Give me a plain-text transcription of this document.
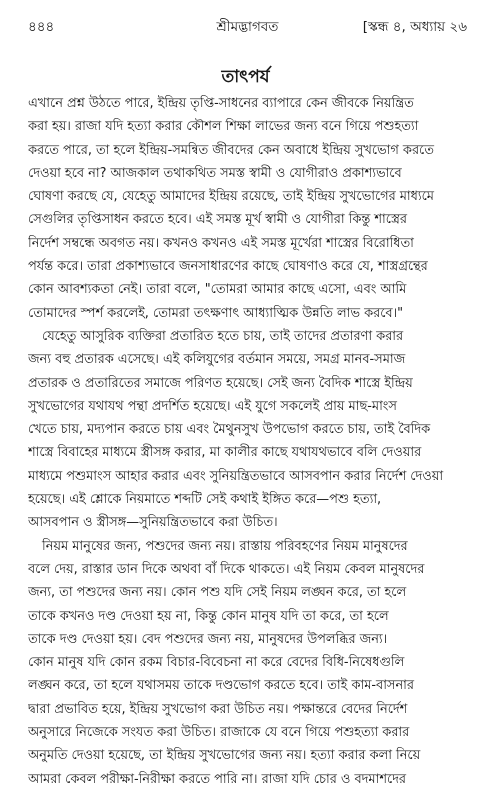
৪৪৪	শ্রীমদ্ভাগবত	[স্কন্ধ ৪, অধ্যায় ২৬
তাৎপর্য
এখানে প্রশ্ন উঠতে পারে, ইন্দ্রিয় তৃপ্তি-সাধনের ব্যাপারে কেন জীবকে নিয়ন্ত্রিত
করা হয়। রাজা যদি হত্যা করার কৌশল শিক্ষা লাভের জন্য বনে গিয়ে পশুহত্যা
করতে পারে, তা হলে ইন্দ্রিয়-সমন্বিত জীবদের কেন অবাধে ইন্দ্রিয় সুখভোগ করতে
দেওয়া হবে না? আজকাল তথাকথিত সমস্ত স্বামী ও যোগীরাও প্রকাশ্যভাবে
ঘোষণা করছে যে, যেহেতু আমাদের ইন্দ্রিয় রয়েছে, তাই ইন্দ্রিয় সুখভোগের মাধ্যমে
সেগুলির তৃপ্তিসাধন করতে হবে। এই সমস্ত মূর্খ স্বামী ও যোগীরা কিন্তু শাস্ত্রের
নির্দেশ সম্বন্ধে অবগত নয়। কখনও কখনও এই সমস্ত মূর্খেরা শাস্ত্রের বিরোধিতা
পর্যন্ত করে। তারা প্রকাশ্যভাবে জনসাধারণের কাছে ঘোষণাও করে যে, শাস্ত্রগ্রন্থের
কোন আবশ্যকতা নেই। তারা বলে, "তোমরা আমার কাছে এসো, এবং আমি
তোমাদের স্পর্শ করলেই, তোমরা তৎক্ষণাৎ আধ্যাত্মিক উন্নতি লাভ করবে।"
যেহেতু আসুরিক ব্যক্তিরা প্রতারিত হতে চায়, তাই তাদের প্রতারণা করার
জন্য বহু প্রতারক এসেছে। এই কলিযুগের বর্তমান সময়ে, সমগ্র মানব-সমাজ
প্রতারক ও প্রতারিতের সমাজে পরিণত হয়েছে। সেই জন্য বৈদিক শাস্ত্রে ইন্দ্রিয়
সুখভোগের যথাযথ পন্থা প্রদর্শিত হয়েছে। এই যুগে সকলেই প্রায় মাছ-মাংস
খেতে চায়, মদ্যপান করতে চায় এবং মৈথুনসুখ উপভোগ করতে চায়, তাই বৈদিক
শাস্ত্রে বিবাহের মাধ্যমে স্ত্রীসঙ্গ করার, মা কালীর কাছে যথাযথভাবে বলি দেওয়ার
মাধ্যমে পশুমাংস আহার করার এবং সুনিয়ন্ত্রিতভাবে আসবপান করার নির্দেশ দেওয়া
হয়েছে। এই শ্লোকে নিয়মাতে শব্দটি সেই কথাই ইঙ্গিত করে—পশু হত্যা,
আসবপান ও স্ত্রীসঙ্গ—সুনিয়ন্ত্রিতভাবে করা উচিত।
নিয়ম মানুষের জন্য, পশুদের জন্য নয়। রাস্তায় পরিবহণের নিয়ম মানুষদের
বলে দেয়, রাস্তার ডান দিকে অথবা বাঁ দিকে থাকতে। এই নিয়ম কেবল মানুষদের
জন্য, তা পশুদের জন্য নয়। কোন পশু যদি সেই নিয়ম লঙ্ঘন করে, তা হলে
তাকে কখনও দণ্ড দেওয়া হয় না, কিন্তু কোন মানুষ যদি তা করে, তা হলে
তাকে দণ্ড দেওয়া হয়। বেদ পশুদের জন্য নয়, মানুষদের উপলব্ধির জন্য।
কোন মানুষ যদি কোন রকম বিচার-বিবেচনা না করে বেদের বিধি-নিষেধগুলি
লঙ্ঘন করে, তা হলে যথাসময় তাকে দণ্ডভোগ করতে হবে। তাই কাম-বাসনার
দ্বারা প্রভাবিত হয়ে, ইন্দ্রিয় সুখভোগ করা উচিত নয়। পক্ষান্তরে বেদের নির্দেশ
অনুসারে নিজেকে সংযত করা উচিত। রাজাকে যে বনে গিয়ে পশুহত্যা করার
অনুমতি দেওয়া হয়েছে, তা ইন্দ্রিয় সুখভোগের জন্য নয়। হত্যা করার কলা নিয়ে
আমরা কেবল পরীক্ষা-নিরীক্ষা করতে পারি না। রাজা যদি চোর ও বদমাশদের
